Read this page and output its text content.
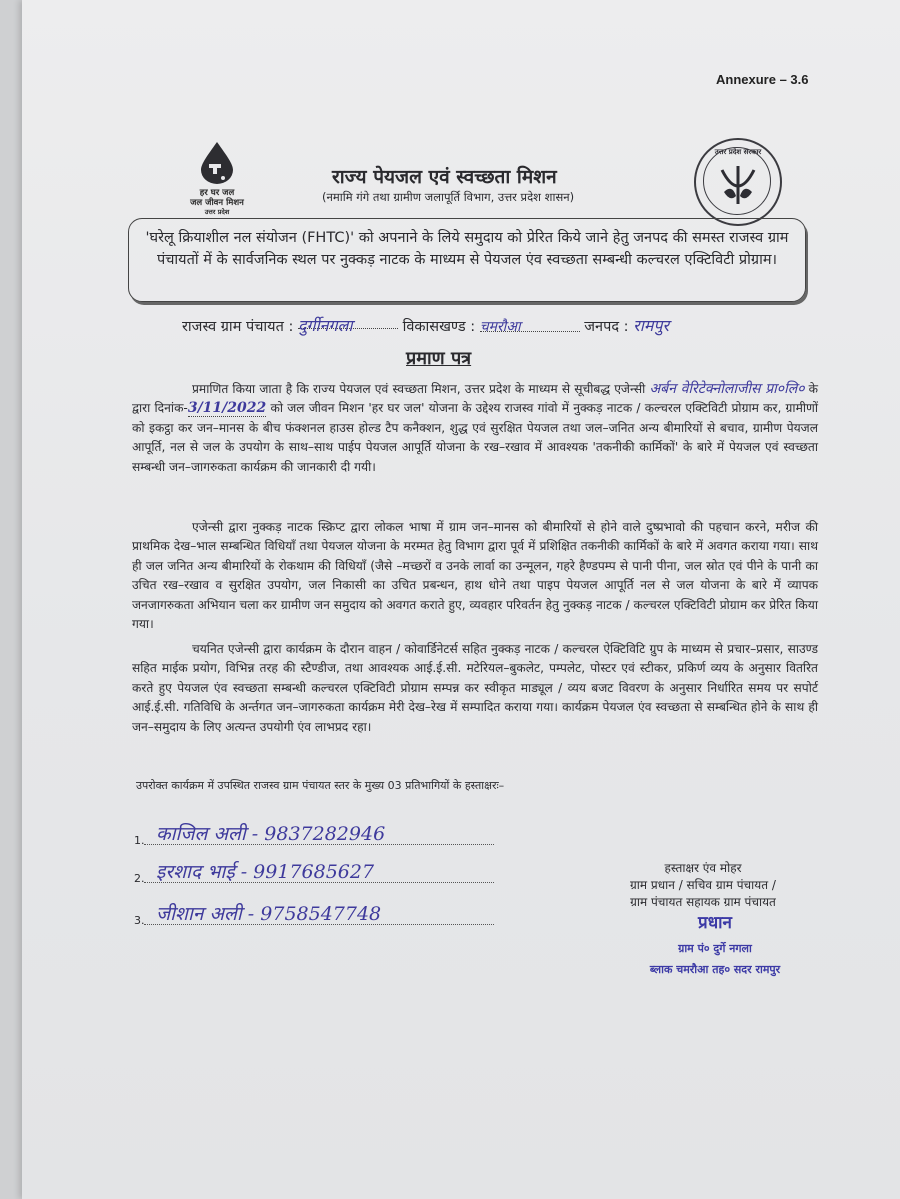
Annexure – 3.6
हर घर जल
जल जीवन मिशन
उत्तर प्रदेश
राज्य पेयजल एवं स्वच्छता मिशन
(नमामि गंगे तथा ग्रामीण जलापूर्ति विभाग, उत्तर प्रदेश शासन)
उत्तर प्रदेश सरकार
'घरेलू क्रियाशील नल संयोजन (FHTC)' को अपनाने के लिये समुदाय को प्रेरित किये जाने हेतु जनपद की समस्त राजस्व ग्राम पंचायतों में के सार्वजनिक स्थल पर नुक्कड़ नाटक के माध्यम से पेयजल एंव स्वच्छता सम्बन्धी कल्चरल एक्टिविटी प्रोग्राम।
राजस्व ग्राम पंचायत : दुर्गीनगला	विकासखण्ड : चमरौआ	जनपद : रामपुर
प्रमाण पत्र
प्रमाणित किया जाता है कि राज्य पेयजल एवं स्वच्छता मिशन, उत्तर प्रदेश के माध्यम से सूचीबद्ध एजेन्सी अर्बन वेरिटेक्नोलाजीस प्रा०लि० के द्वारा दिनांक-3/11/2022 को जल जीवन मिशन 'हर घर जल' योजना के उद्देश्य राजस्व गांवो में नुक्कड़ नाटक / कल्चरल एक्टिविटी प्रोग्राम कर, ग्रामीणों को इकट्ठा कर जन–मानस के बीच फंक्शनल हाउस होल्ड टैप कनैक्शन, शुद्ध एवं सुरक्षित पेयजल तथा जल–जनित अन्य बीमारियों से बचाव, ग्रामीण पेयजल आपूर्ति, नल से जल के उपयोग के साथ–साथ पाईप पेयजल आपूर्ति योजना के रख–रखाव में आवश्यक 'तकनीकी कार्मिकों' के बारे में पेयजल एवं स्वच्छता सम्बन्धी जन–जागरुकता कार्यक्रम की जानकारी दी गयी।
एजेन्सी द्वारा नुक्कड़ नाटक स्क्रिप्ट द्वारा लोकल भाषा में ग्राम जन–मानस को बीमारियों से होने वाले दुष्प्रभावो की पहचान करने, मरीज की प्राथमिक देख–भाल सम्बन्धित विधियाँ तथा पेयजल योजना के मरम्मत हेतु विभाग द्वारा पूर्व में प्रशिक्षित तकनीकी कार्मिकों के बारे में अवगत कराया गया। साथ ही जल जनित अन्य बीमारियों के रोकथाम की विधियाँ (जैसे –मच्छरों व उनके लार्वा का उन्मूलन, गहरे हैण्डपम्प से पानी पीना, जल स्रोत एवं पीने के पानी का उचित रख–रखाव व सुरक्षित उपयोग, जल निकासी का उचित प्रबन्धन, हाथ धोने तथा पाइप पेयजल आपूर्ति नल से जल योजना के बारे में व्यापक जनजागरुकता अभियान चला कर ग्रामीण जन समुदाय को अवगत कराते हुए, व्यवहार परिवर्तन हेतु नुक्कड़ नाटक / कल्चरल एक्टिविटी प्रोग्राम कर प्रेरित किया गया।
चयनित एजेन्सी द्वारा कार्यक्रम के दौरान वाहन / कोवार्डिनेटर्स सहित नुक्कड़ नाटक / कल्चरल ऐक्टिविटि ग्रुप के माध्यम से प्रचार–प्रसार, साउण्ड सहित माईक प्रयोग, विभिन्न तरह की स्टैण्डीज, तथा आवश्यक आई.ई.सी. मटेरियल–बुकलेट, पम्पलेट, पोस्टर एवं स्टीकर, प्रकिर्ण व्यय के अनुसार वितरित करते हुए पेयजल एंव स्वच्छता सम्बन्धी कल्चरल एक्टिविटी प्रोग्राम सम्पन्न कर स्वीकृत माड्यूल / व्यय बजट विवरण के अनुसार निर्धारित समय पर सपोर्ट आई.ई.सी. गतिविधि के अर्न्तगत जन–जागरुकता कार्यक्रम मेरी देख–रेख में सम्पादित कराया गया। कार्यक्रम पेयजल एंव स्वच्छता से सम्बन्धित होने के साथ ही जन–समुदाय के लिए अत्यन्त उपयोगी एंव लाभप्रद रहा।
उपरोक्त कार्यक्रम में उपस्थित राजस्व ग्राम पंचायत स्तर के मुख्य 03 प्रतिभागियों के हस्ताक्षरः–
1. काजिल अली - 9837282946
2. इरशाद भाई - 9917685627
3. जीशान अली - 9758547748
हस्ताक्षर एंव मोहर
ग्राम प्रधान / सचिव ग्राम पंचायत /
ग्राम पंचायत सहायक ग्राम पंचायत
प्रधान
ग्राम पं० दुर्गे नगला
ब्लाक चमरौआ तह० सदर रामपुर
